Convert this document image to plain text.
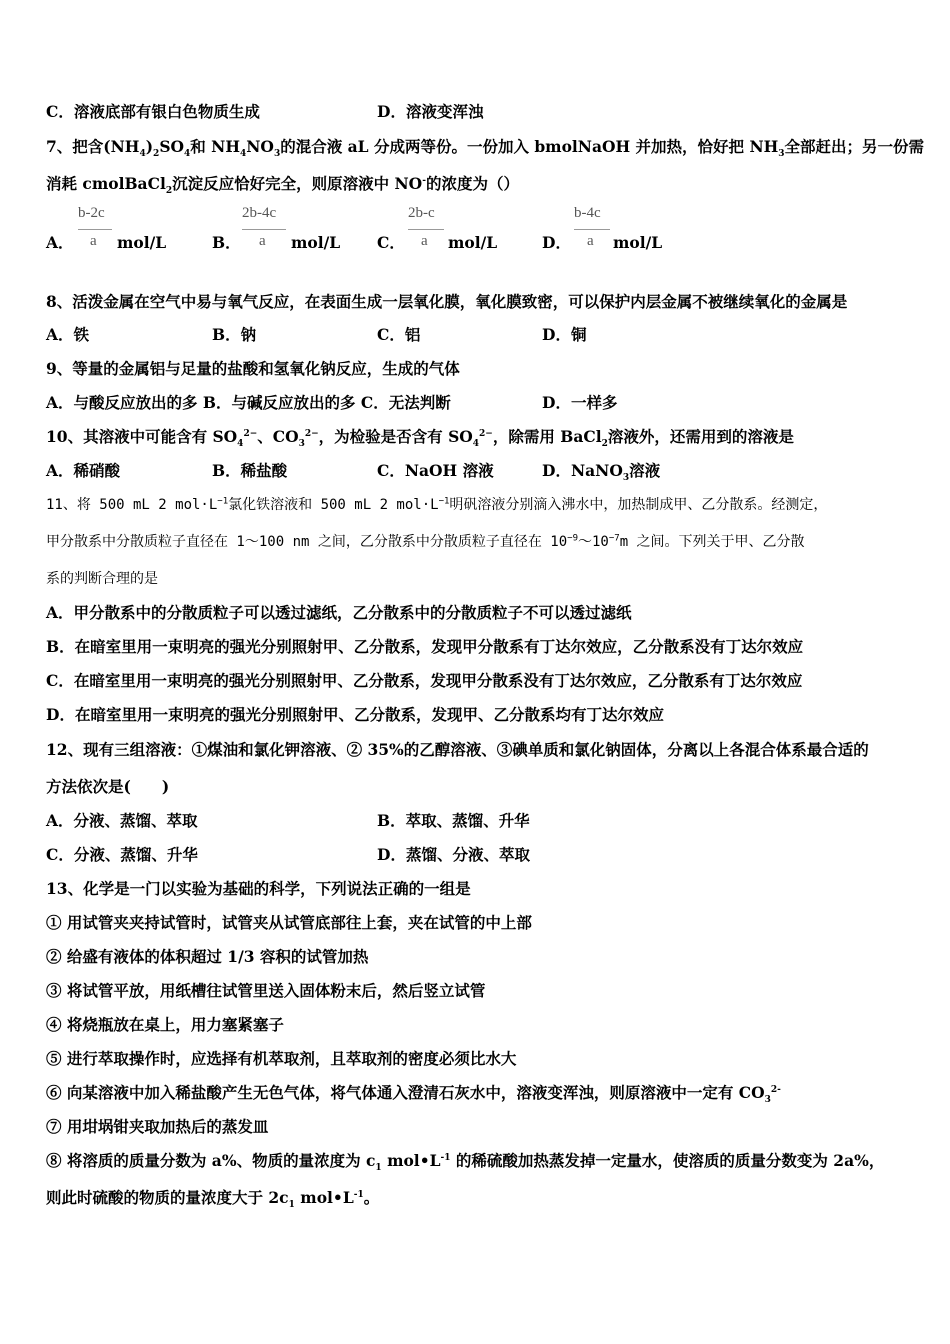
C．溶液底部有银白色物质生成	D．溶液变浑浊
7、把含$(NH_4)_2SO_4$和 $NH_4NO_3$的混合液 aL 分成两等份。一份加入 bmolNaOH 并加热，恰好把 $NH_3$全部赶出；另一份需
消耗 cmolBaCl$_2$沉淀反应恰好完全，则原溶液中 NO-的浓度为（）
A．
b-2c
a mol/L	B．
2b-4c
a mol/L C．
2b-c
a mol/L	D．
b-4c
a mol/L
8、活泼金属在空气中易与氧气反应，在表面生成一层氧化膜，氧化膜致密，可以保护内层金属不被继续氧化的金属是
A．铁	B．钠	C．铝	D．铜
9、等量的金属铝与足量的盐酸和氢氧化钠反应，生成的气体
A．与酸反应放出的多 B．与碱反应放出的多 C．无法判断	D．一样多
10、其溶液中可能含有 $SO_4^{2-}$、$CO_3^{2-}$，为检验是否含有 $SO_4^{2-}$，除需用 BaCl$_2$溶液外，还需用到的溶液是
A．稀硝酸	B．稀盐酸	C．NaOH 溶液	D．NaNO$_3$溶液
11、将 500 mL 2 $mol\cdot L^{-1}$氯化铁溶液和 500 mL 2 $mol\cdot L^{-1}$明矾溶液分别滴入沸水中，加热制成甲、乙分散系。经测定，
甲分散系中分散质粒子直径在 1～100 nm 之间，乙分散系中分散质粒子直径在 $10^{-9}\sim 10^{-7}m$ 之间。下列关于甲、乙分散
系的判断合理的是
A．甲分散系中的分散质粒子可以透过滤纸，乙分散系中的分散质粒子不可以透过滤纸
B．在暗室里用一束明亮的强光分别照射甲、乙分散系，发现甲分散系有丁达尔效应，乙分散系没有丁达尔效应
C．在暗室里用一束明亮的强光分别照射甲、乙分散系，发现甲分散系没有丁达尔效应，乙分散系有丁达尔效应
D．在暗室里用一束明亮的强光分别照射甲、乙分散系，发现甲、乙分散系均有丁达尔效应
12、现有三组溶液：①煤油和氯化钾溶液、② 35%的乙醇溶液、③碘单质和氯化钠固体，分离以上各混合体系最合适的
方法依次是(　　)
A．分液、蒸馏、萃取	B．萃取、蒸馏、升华
C．分液、蒸馏、升华	D．蒸馏、分液、萃取
13、化学是一门以实验为基础的科学，下列说法正确的一组是
① 用试管夹夹持试管时，试管夹从试管底部往上套，夹在试管的中上部
② 给盛有液体的体积超过 1/3 容积的试管加热
③ 将试管平放，用纸槽往试管里送入固体粉末后，然后竖立试管
④ 将烧瓶放在桌上，用力塞紧塞子
⑤ 进行萃取操作时，应选择有机萃取剂，且萃取剂的密度必须比水大
⑥ 向某溶液中加入稀盐酸产生无色气体，将气体通入澄清石灰水中，溶液变浑浊，则原溶液中一定有 $CO_3^{2-}$
⑦ 用坩埚钳夹取加热后的蒸发皿
⑧ 将溶质的质量分数为 a%、物质的量浓度为 $c_1$ $mol•L^{-1}$ 的稀硫酸加热蒸发掉一定量水，使溶质的质量分数变为 2a%，
则此时硫酸的物质的量浓度大于 $2c_1$ $mol•L^{-1}$。
